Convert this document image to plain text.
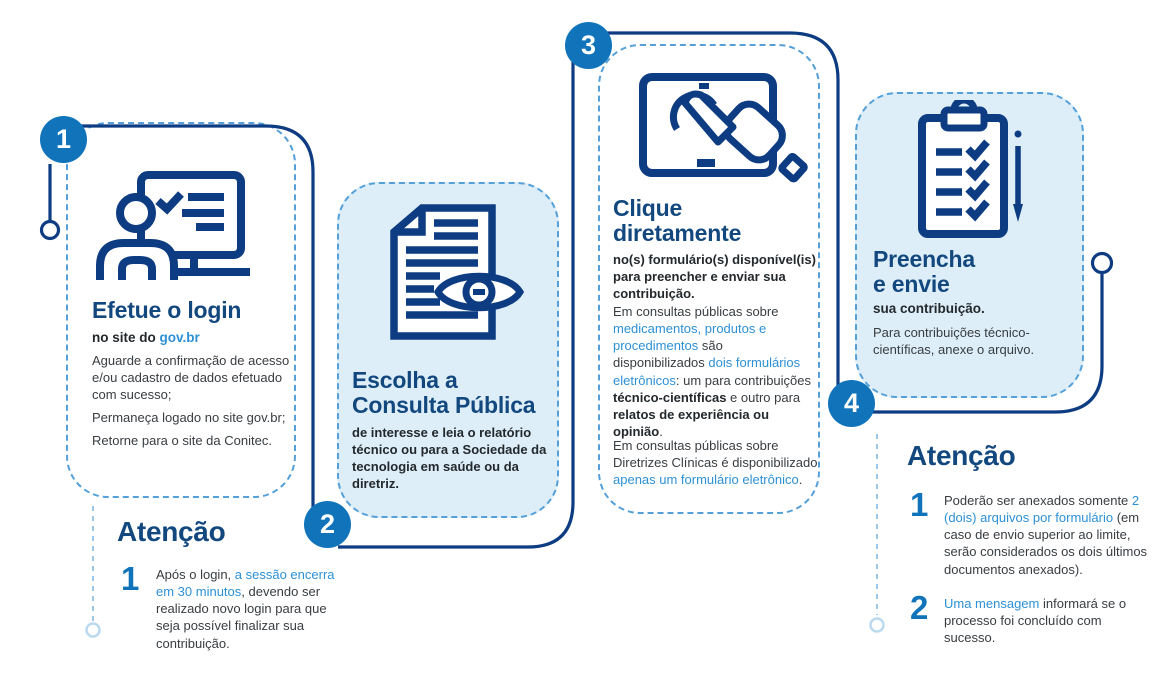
1
2
3
4
Efetue o login
no site do gov.br
Aguarde a confirmação de acesso e/ou cadastro de dados efetuado com sucesso;
Permaneça logado no site gov.br;
Retorne para o site da Conitec.
Atenção
1 Após o login, a sessão encerra em 30 minutos, devendo ser realizado novo login para que seja possível finalizar sua contribuição.
Escolha a Consulta Pública
de interesse e leia o relatório técnico ou para a Sociedade da tecnologia em saúde ou da diretriz.
Clique diretamente
no(s) formulário(s) disponível(is) para preencher e enviar sua contribuição.
Em consultas públicas sobre medicamentos, produtos e procedimentos são disponibilizados dois formulários eletrônicos: um para contribuições técnico-científicas e outro para relatos de experiência ou opinião.
Em consultas públicas sobre Diretrizes Clínicas é disponibilizado apenas um formulário eletrônico.
Preencha e envie
sua contribuição.
Para contribuições técnico-científicas, anexe o arquivo.
Atenção
1 Poderão ser anexados somente 2 (dois) arquivos por formulário (em caso de envio superior ao limite, serão considerados os dois últimos documentos anexados).
2 Uma mensagem informará se o processo foi concluído com sucesso.
